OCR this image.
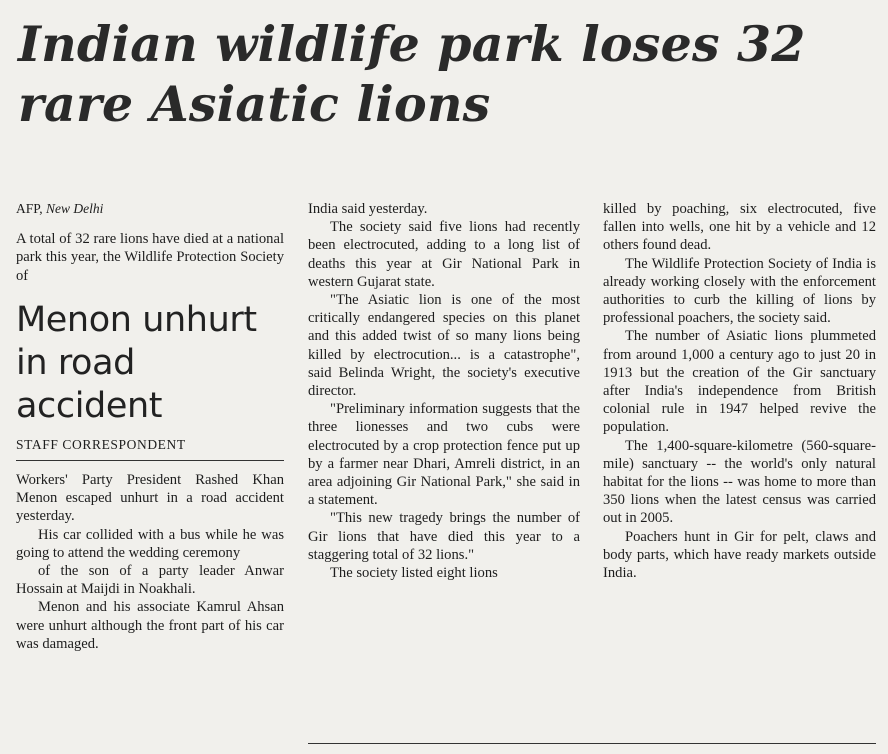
Indian wildlife park loses 32 rare Asiatic lions
AFP, New Delhi

A total of 32 rare lions have died at a national park this year, the Wildlife Protection Society of

Menon unhurt in road accident
STAFF CORRESPONDENT

Workers' Party President Rashed Khan Menon escaped unhurt in a road accident yesterday.

His car collided with a bus while he was going to attend the wedding ceremony

of the son of a party leader Anwar Hossain at Maijdi in Noakhali.

Menon and his associate Kamrul Ahsan were unhurt although the front part of his car was damaged.

India said yesterday.

The society said five lions had recently been electrocuted, adding to a long list of deaths this year at Gir National Park in western Gujarat state.

"The Asiatic lion is one of the most critically endangered species on this planet and this added twist of so many lions being killed by electrocution... is a catastrophe", said Belinda Wright, the society's executive director.

"Preliminary information suggests that the three lionesses and two cubs were electrocuted by a crop protection fence put up by a farmer near Dhari, Amreli district, in an area adjoining Gir National Park," she said in a statement.

"This new tragedy brings the number of Gir lions that have died this year to a staggering total of 32 lions."

The society listed eight lions

killed by poaching, six electrocuted, five fallen into wells, one hit by a vehicle and 12 others found dead.

The Wildlife Protection Society of India is already working closely with the enforcement authorities to curb the killing of lions by professional poachers, the society said.

The number of Asiatic lions plummeted from around 1,000 a century ago to just 20 in 1913 but the creation of the Gir sanctuary after India's independence from British colonial rule in 1947 helped revive the population.

The 1,400-square-kilometre (560-square-mile) sanctuary -- the world's only natural habitat for the lions -- was home to more than 350 lions when the latest census was carried out in 2005.

Poachers hunt in Gir for pelt, claws and body parts, which have ready markets outside India.
